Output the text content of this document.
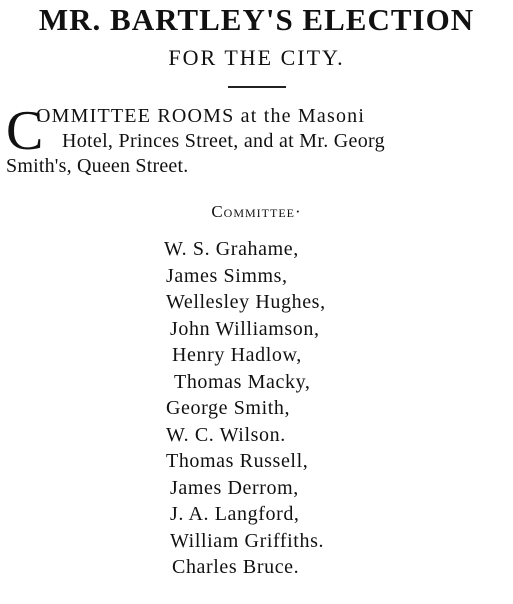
MR. BARTLEY'S ELECTION
FOR THE CITY.
C
OMMITTEE ROOMS at the Masoni
Hotel, Princes Street, and at Mr. Georg
Smith's, Queen Street.
Committee·
W. S. Grahame,
James Simms,
Wellesley Hughes,
John Williamson,
Henry Hadlow,
Thomas Macky,
George Smith,
W. C. Wilson.
Thomas Russell,
James Derrom,
J. A. Langford,
William Griffiths.
Charles Bruce.
